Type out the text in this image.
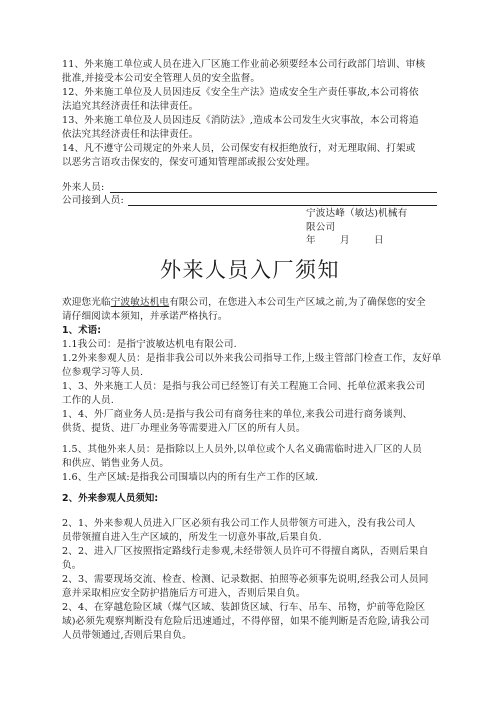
11、外来施工单位或人员在进入厂区施工作业前必须要经本公司行政部门培训、审核
批准,并接受本公司安全管理人员的安全监督。
12、外来施工单位及人员因违反《安全生产法》造成安全生产责任事故,本公司将依
法追究其经济责任和法律责任。
13、外来施工单位及人员因违反《消防法》,造成本公司发生火灾事故，本公司将追
依法究其经济责任和法律责任。
14、凡不遵守公司规定的外来人员，公司保安有权拒绝放行，对无理取闹、打架或
以恶劣言语攻击保安的，保安可通知管理部或报公安处理。
外来人员:
公司接到人员:
宁波达峰（敏达)机械有
限公司
年	月	日
外来人员入厂须知
欢迎您光临宁波敏达机电有限公司，在您进入本公司生产区域之前,为了确保您的安全
请仔细阅读本须知，并承诺严格执行。
1、术语:
1.1我公司：是指宁波敏达机电有限公司.
1.2外来参观人员：是指非我公司以外来我公司指导工作,上级主管部门检查工作，友好单
位参观学习等人员.
1、3、外来施工人员：是指与我公司已经签订有关工程施工合同、托单位派来我公司
工作的人员.
1、4、外厂商业务人员:是指与我公司有商务往来的单位,来我公司进行商务谈判、
供货、提货、进厂办理业务等需要进入厂区的所有人员。
1.5、其他外来人员：是指除以上人员外,以单位或个人名义确需临时进入厂区的人员
和供应、销售业务人员。
1.6、生产区域:是指我公司围墙以内的所有生产工作的区域.
2、外来参观人员须知:
2、1、外来参观人员进入厂区必须有我公司工作人员带领方可进入，没有我公司人
员带领擅自进入生产区域的，所发生一切意外事故,后果自负.
2、2、进入厂区按照指定路线行走参观,未经带领人员许可不得擅自离队，否则后果自
负。
2、3、需要现场交流、检查、检测、记录数据、拍照等必须事先说明,经我公司人员同
意并采取相应安全防护措施后方可进入，否则后果自负。
2、4、在穿越危险区域（煤气区域、装卸货区域、行车、吊车、吊物，炉前等危险区
域)必须先观察判断没有危险后迅速通过，不得停留，如果不能判断是否危险,请我公司
人员带领通过,否则后果自负。
